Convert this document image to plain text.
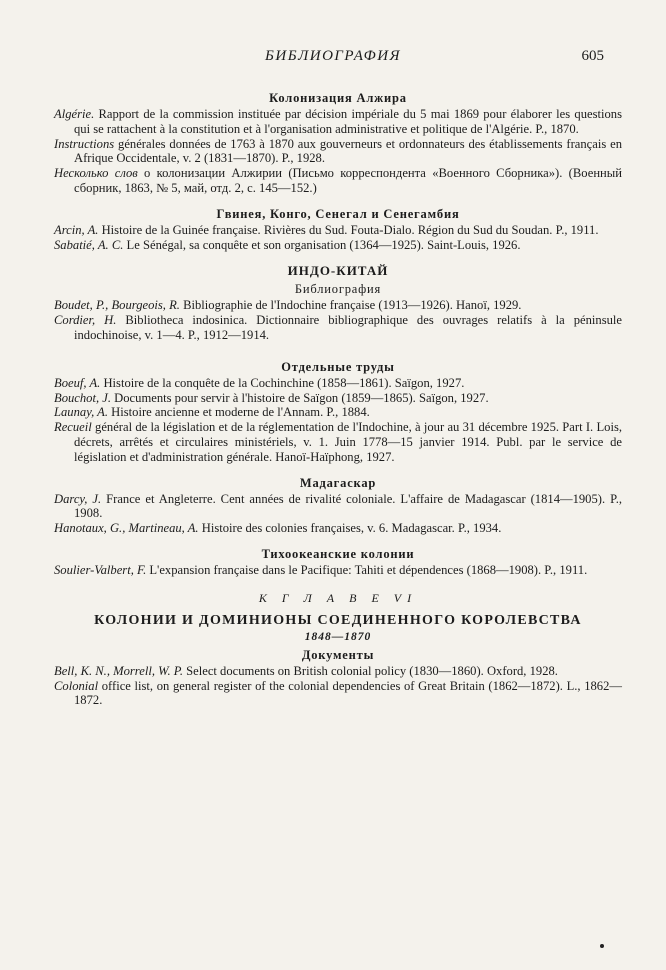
БИБЛИОГРАФИЯ	605

Колонизация Алжира

Algérie. Rapport de la commission instituée par décision impériale du 5 mai 1869 pour élaborer les questions qui se rattachent à la constitution et à l'organisation administrative et politique de l'Algérie. P., 1870.

Instructions générales données de 1763 à 1870 aux gouverneurs et ordonnateurs des établissements français en Afrique Occidentale, v. 2 (1831—1870). P., 1928.

Несколько слов о колонизации Алжирии (Письмо корреспондента «Военного Сборника»). (Военный сборник, 1863, № 5, май, отд. 2, с. 145—152.)

Гвинея, Конго, Сенегал и Сенегамбия

Arcin, A. Histoire de la Guinée française. Rivières du Sud. Fouta-Dialo. Région du Sud du Soudan. P., 1911.

Sabatié, A. C. Le Sénégal, sa conquête et son organisation (1364—1925). Saint-Louis, 1926.

ИНДО-КИТАЙ

Библиография

Boudet, P., Bourgeois, R. Bibliographie de l'Indochine française (1913—1926). Hanoï, 1929.

Cordier, H. Bibliotheca indosinica. Dictionnaire bibliographique des ouvrages relatifs à la péninsule indochinoise, v. 1—4. P., 1912—1914.

Отдельные труды

Boeuf, A. Histoire de la conquête de la Cochinchine (1858—1861). Saïgon, 1927.

Bouchot, J. Documents pour servir à l'histoire de Saïgon (1859—1865). Saïgon, 1927.

Launay, A. Histoire ancienne et moderne de l'Annam. P., 1884.

Recueil général de la législation et de la réglementation de l'Indochine, à jour au 31 décembre 1925. Part I. Lois, décrets, arrêtés et circulaires ministériels, v. 1. Juin 1778—15 janvier 1914. Publ. par le service de législation et d'administration générale. Hanoï-Haïphong, 1927.

Мадагаскар

Darcy, J. France et Angleterre. Cent années de rivalité coloniale. L'affaire de Madagascar (1814—1905). P., 1908.

Hanotaux, G., Martineau, A. Histoire des colonies françaises, v. 6. Madagascar. P., 1934.

Тихоокеанские колонии

Soulier-Valbert, F. L'expansion française dans le Pacifique: Tahiti et dépendences (1868—1908). P., 1911.

К Г Л А В Е VI

КОЛОНИИ И ДОМИНИОНЫ СОЕДИНЕННОГО КОРОЛЕВСТВА

1848—1870

Документы

Bell, K. N., Morrell, W. P. Select documents on British colonial policy (1830—1860). Oxford, 1928.

Colonial office list, on general register of the colonial dependencies of Great Britain (1862—1872). L., 1862—1872.
